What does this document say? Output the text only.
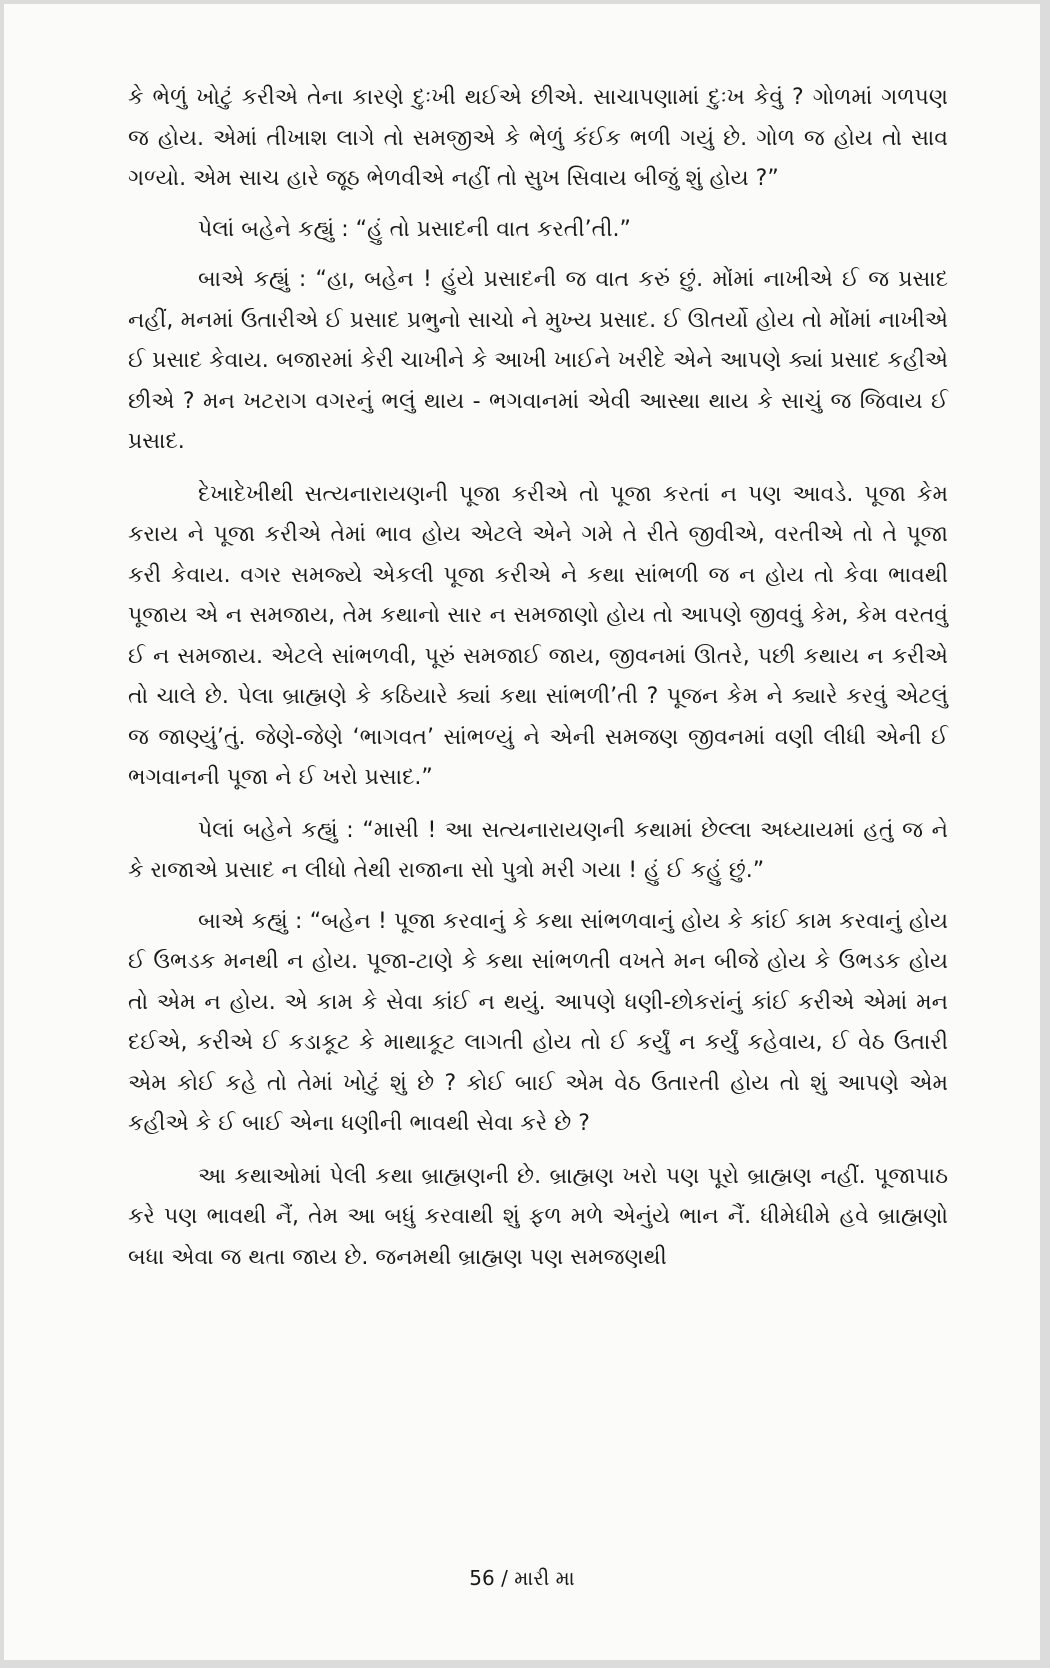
કે ભેળું ખોટું કરીએ તેના કારણે દુઃખી થઈએ છીએ. સાચાપણામાં દુઃખ કેવું ? ગોળમાં ગળપણ જ હોય. એમાં તીખાશ લાગે તો સમજીએ કે ભેળું કંઈક ભળી ગયું છે. ગોળ જ હોય તો સાવ ગળ્યો. એમ સાચ હારે જૂઠ ભેળવીએ નહીં તો સુખ સિવાય બીજું શું હોય ?”

પેલાં બહેને કહ્યું : “હું તો પ્રસાદની વાત કરતી’તી.”

બાએ કહ્યું : “હા, બહેન ! હુંયે પ્રસાદની જ વાત કરું છું. મોંમાં નાખીએ ઈ જ પ્રસાદ નહીં, મનમાં ઉતારીએ ઈ પ્રસાદ પ્રભુનો સાચો ને મુખ્ય પ્રસાદ. ઈ ઊતર્યો હોય તો મોંમાં નાખીએ ઈ પ્રસાદ કેવાય. બજારમાં કેરી ચાખીને કે આખી ખાઈને ખરીદે એને આપણે ક્યાં પ્રસાદ કહીએ છીએ ? મન ખટરાગ વગરનું ભલું થાય - ભગવાનમાં એવી આસ્થા થાય કે સાચું જ જિવાય ઈ પ્રસાદ.

દેખાદેખીથી સત્યનારાયણની પૂજા કરીએ તો પૂજા કરતાં ન પણ આવડે. પૂજા કેમ કરાય ને પૂજા કરીએ તેમાં ભાવ હોય એટલે એને ગમે તે રીતે જીવીએ, વરતીએ તો તે પૂજા કરી કેવાય. વગર સમજ્યે એકલી પૂજા કરીએ ને કથા સાંભળી જ ન હોય તો કેવા ભાવથી પૂજાય એ ન સમજાય, તેમ કથાનો સાર ન સમજાણો હોય તો આપણે જીવવું કેમ, કેમ વરતવું ઈ ન સમજાય. એટલે સાંભળવી, પૂરું સમજાઈ જાય, જીવનમાં ઊતરે, પછી કથાય ન કરીએ તો ચાલે છે. પેલા બ્રાહ્મણે કે કઠિયારે ક્યાં કથા સાંભળી’તી ? પૂજન કેમ ને ક્યારે કરવું એટલું જ જાણ્યું’તું. જેણે-જેણે ‘ભાગવત’ સાંભળ્યું ને એની સમજણ જીવનમાં વણી લીધી એની ઈ ભગવાનની પૂજા ને ઈ ખરો પ્રસાદ.”

પેલાં બહેને કહ્યું : “માસી ! આ સત્યનારાયણની કથામાં છેલ્લા અધ્યાયમાં હતું જ ને કે રાજાએ પ્રસાદ ન લીધો તેથી રાજાના સો પુત્રો મરી ગયા ! હું ઈ કહું છું.”

બાએ કહ્યું : “બહેન ! પૂજા કરવાનું કે કથા સાંભળવાનું હોય કે કાંઈ કામ કરવાનું હોય ઈ ઉભડક મનથી ન હોય. પૂજા-ટાણે કે કથા સાંભળતી વખતે મન બીજે હોય કે ઉભડક હોય તો એમ ન હોય. એ કામ કે સેવા કાંઈ ન થયું. આપણે ધણી-છોકરાંનું કાંઈ કરીએ એમાં મન દઈએ, કરીએ ઈ કડાકૂટ કે માથાકૂટ લાગતી હોય તો ઈ કર્યું ન કર્યું કહેવાય, ઈ વેઠ ઉતારી એમ કોઈ કહે તો તેમાં ખોટું શું છે ? કોઈ બાઈ એમ વેઠ ઉતારતી હોય તો શું આપણે એમ કહીએ કે ઈ બાઈ એના ધણીની ભાવથી સેવા કરે છે ?

આ કથાઓમાં પેલી કથા બ્રાહ્મણની છે. બ્રાહ્મણ ખરો પણ પૂરો બ્રાહ્મણ નહીં. પૂજાપાઠ કરે પણ ભાવથી નૈં, તેમ આ બધું કરવાથી શું ફળ મળે એનુંયે ભાન નૈં. ધીમેધીમે હવે બ્રાહ્મણો બધા એવા જ થતા જાય છે. જનમથી બ્રાહ્મણ પણ સમજણથી

56 / મારી મા
